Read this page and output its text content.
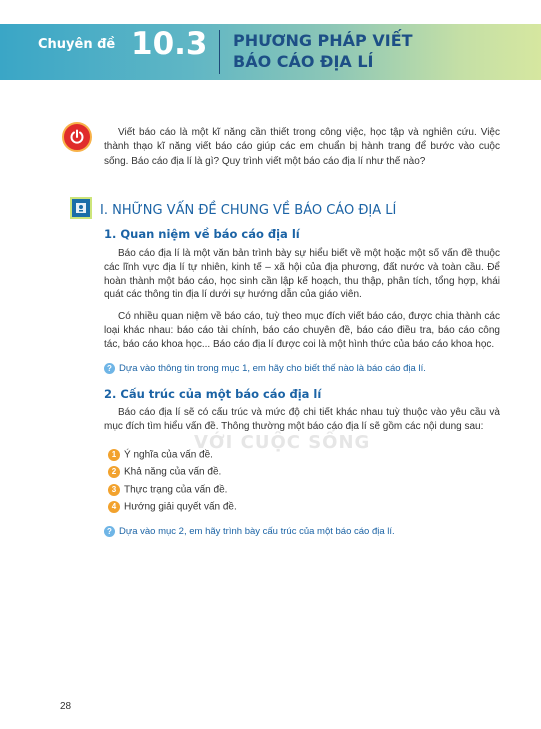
Chuyên đề 10.3 PHƯƠNG PHÁP VIẾT
BÁO CÁO ĐỊA LÍ
VỚI CUỘC SỐNG
Viết báo cáo là một kĩ năng cần thiết trong công việc, học tập và nghiên cứu. Việc thành thạo kĩ năng viết báo cáo giúp các em chuẩn bị hành trang để bước vào cuộc sống. Báo cáo địa lí là gì? Quy trình viết một báo cáo địa lí như thế nào?
I. NHỮNG VẤN ĐỀ CHUNG VỀ BÁO CÁO ĐỊA LÍ
1. Quan niệm về báo cáo địa lí
Báo cáo địa lí là một văn bản trình bày sự hiểu biết về một hoặc một số vấn đề thuộc các lĩnh vực địa lí tự nhiên, kinh tế – xã hội của địa phương, đất nước và toàn cầu. Để hoàn thành một báo cáo, học sinh cần lập kế hoạch, thu thập, phân tích, tổng hợp, khái quát các thông tin địa lí dưới sự hướng dẫn của giáo viên.
Có nhiều quan niệm về báo cáo, tuỳ theo mục đích viết báo cáo, được chia thành các loại khác nhau: báo cáo tài chính, báo cáo chuyên đề, báo cáo điều tra, báo cáo công tác, báo cáo khoa học... Báo cáo địa lí được coi là một hình thức của báo cáo khoa học.
? Dựa vào thông tin trong mục 1, em hãy cho biết thế nào là báo cáo địa lí.
2. Cấu trúc của một báo cáo địa lí
Báo cáo địa lí sẽ có cấu trúc và mức độ chi tiết khác nhau tuỳ thuộc vào yêu cầu và mục đích tìm hiểu vấn đề. Thông thường một báo cáo địa lí sẽ gồm các nội dung sau:
1 Ý nghĩa của vấn đề.
2 Khả năng của vấn đề.
3 Thực trạng của vấn đề.
4 Hướng giải quyết vấn đề.
? Dựa vào mục 2, em hãy trình bày cấu trúc của một báo cáo địa lí.
28
